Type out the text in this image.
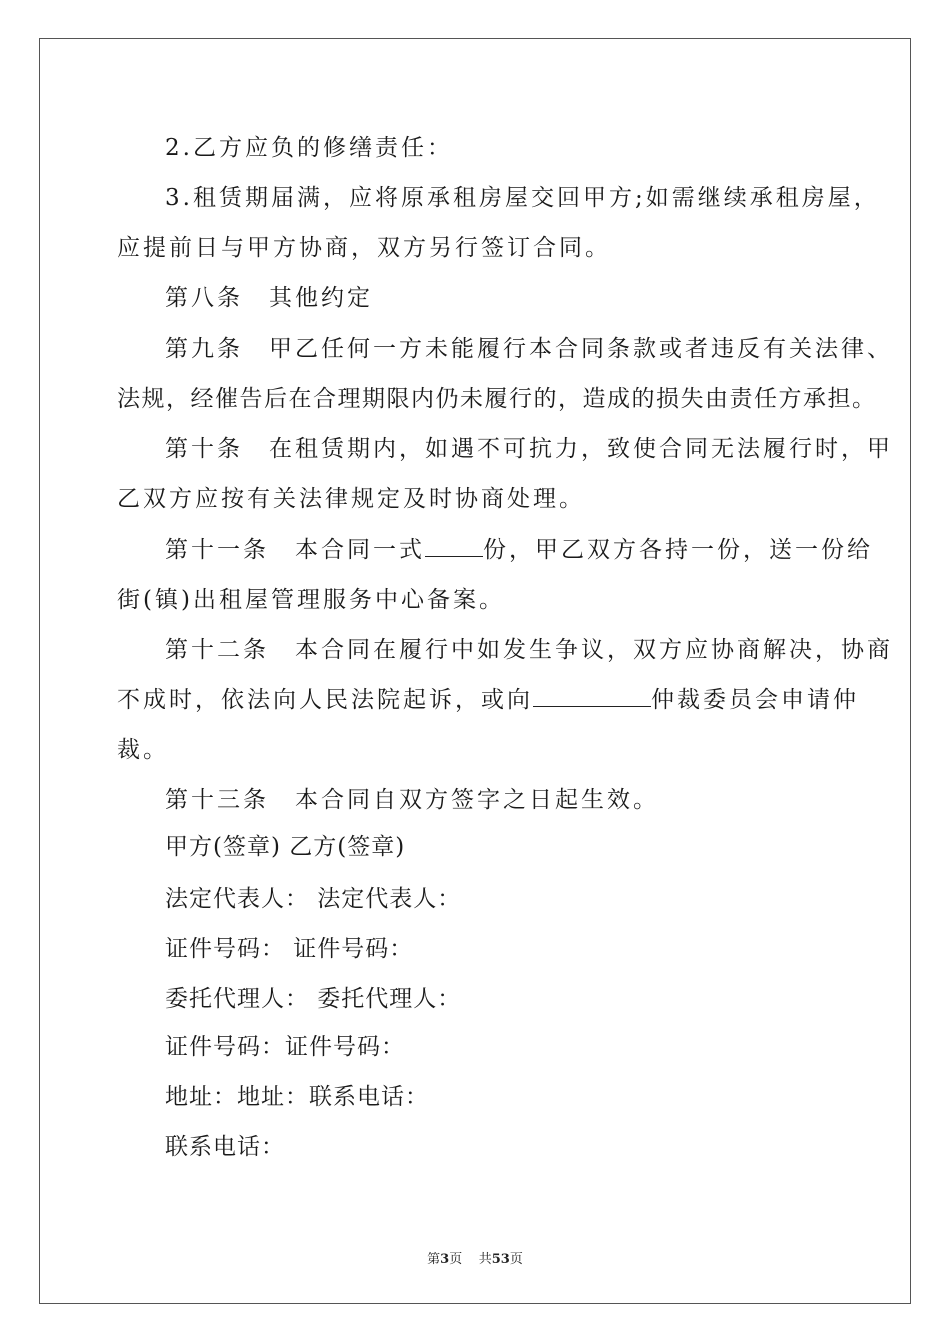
2.乙方应负的修缮责任：
3.租赁期届满，应将原承租房屋交回甲方;如需继续承租房屋，
应提前日与甲方协商，双方另行签订合同。
第八条　其他约定
第九条　甲乙任何一方未能履行本合同条款或者违反有关法律、
法规，经催告后在合理期限内仍未履行的，造成的损失由责任方承担。
第十条　在租赁期内，如遇不可抗力，致使合同无法履行时，甲
乙双方应按有关法律规定及时协商处理。
第十一条　本合同一式	份，甲乙双方各持一份，送一份给
街(镇)出租屋管理服务中心备案。
第十二条　本合同在履行中如发生争议，双方应协商解决，协商
不成时，依法向人民法院起诉，或向	仲裁委员会申请仲
裁。
第十三条　本合同自双方签字之日起生效。
甲方(签章) 乙方(签章)
法定代表人： 法定代表人：
证件号码： 证件号码：
委托代理人： 委托代理人：
证件号码：证件号码：
地址：地址：联系电话：
联系电话：
第3页 共53页
